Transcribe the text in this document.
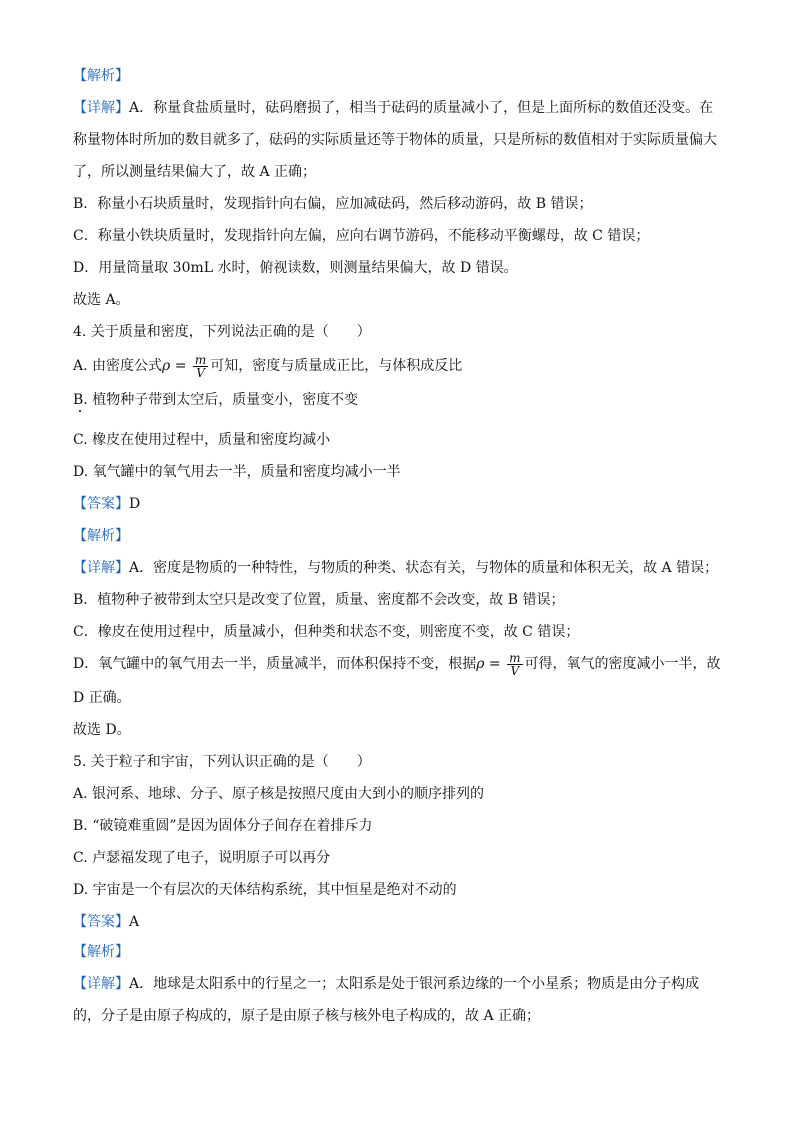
【解析】
【详解】A．称量食盐质量时，砝码磨损了，相当于砝码的质量减小了，但是上面所标的数值还没变。在
称量物体时所加的数目就多了，砝码的实际质量还等于物体的质量，只是所标的数值相对于实际质量偏大
了，所以测量结果偏大了，故 A 正确；
B．称量小石块质量时，发现指针向右偏，应加减砝码，然后移动游码，故 B 错误；
C．称量小铁块质量时，发现指针向左偏，应向右调节游码，不能移动平衡螺母，故 C 错误；
D．用量筒量取 30mL 水时，俯视读数，则测量结果偏大，故 D 错误。
故选 A。
4. 关于质量和密度，下列说法正确的是（　　）
A. 由密度公式$\rho = \frac{m}{V}$ 可知，密度与质量成正比，与体积成反比
B. 植物种子带到太空后，质量变小，密度不变
C. 橡皮在使用过程中，质量和密度均减小
D. 氧气罐中的氧气用去一半，质量和密度均减小一半
【答案】D
【解析】
【详解】A．密度是物质的一种特性，与物质的种类、状态有关，与物体的质量和体积无关，故 A 错误；
B．植物种子被带到太空只是改变了位置，质量、密度都不会改变，故 B 错误；
C．橡皮在使用过程中，质量减小，但种类和状态不变，则密度不变，故 C 错误；
D．氧气罐中的氧气用去一半，质量减半，而体积保持不变，根据$\rho = \frac{m}{V}$ 可得，氧气的密度减小一半，故
D 正确。
故选 D。
5. 关于粒子和宇宙，下列认识正确的是（　　）
A. 银河系、地球、分子、原子核是按照尺度由大到小的顺序排列的
B. “破镜难重圆”是因为固体分子间存在着排斥力
C. 卢瑟福发现了电子，说明原子可以再分
D. 宇宙是一个有层次的天体结构系统，其中恒星是绝对不动的
【答案】A
【解析】
【详解】A．地球是太阳系中的行星之一；太阳系是处于银河系边缘的一个小星系；物质是由分子构成
的，分子是由原子构成的，原子是由原子核与核外电子构成的，故 A 正确；
